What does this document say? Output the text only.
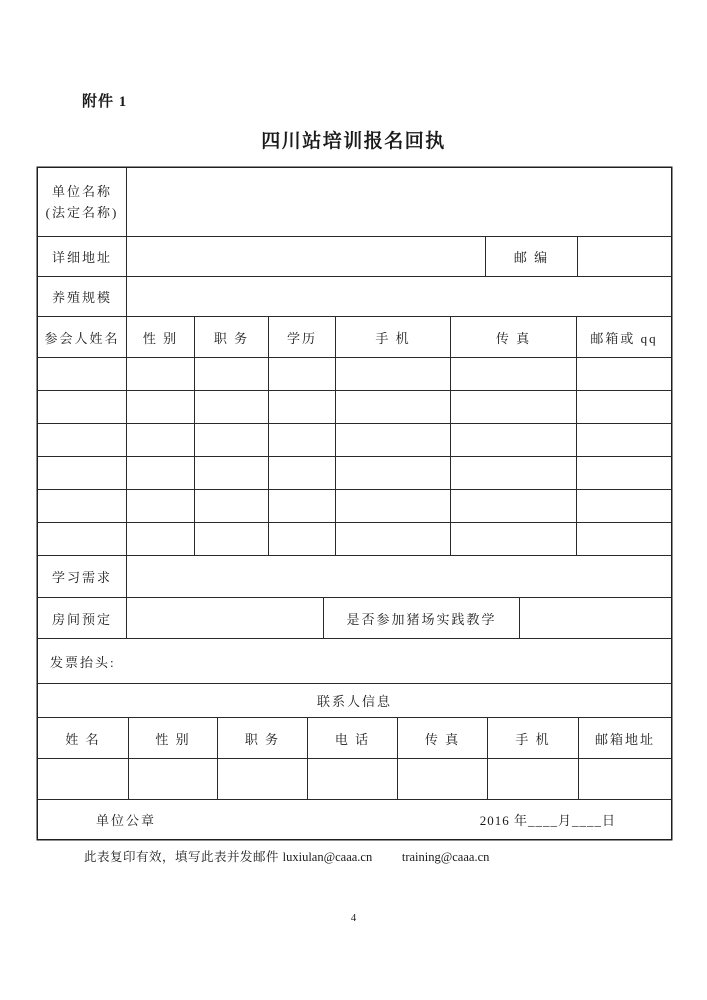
附件 1
四川站培训报名回执
单位名称
(法定名称)
详细地址	邮 编
养殖规模
参会人姓名	性 别	职 务	学历	手 机	传 真	邮箱或 qq
学习需求
房间预定	是否参加猪场实践教学
发票抬头:
联系人信息
姓 名	性 别	职 务	电 话	传 真	手 机	邮箱地址
单位公章	2016 年____月____日
此表复印有效，填写此表并发邮件 luxiulan@caaa.cn training@caaa.cn
4
